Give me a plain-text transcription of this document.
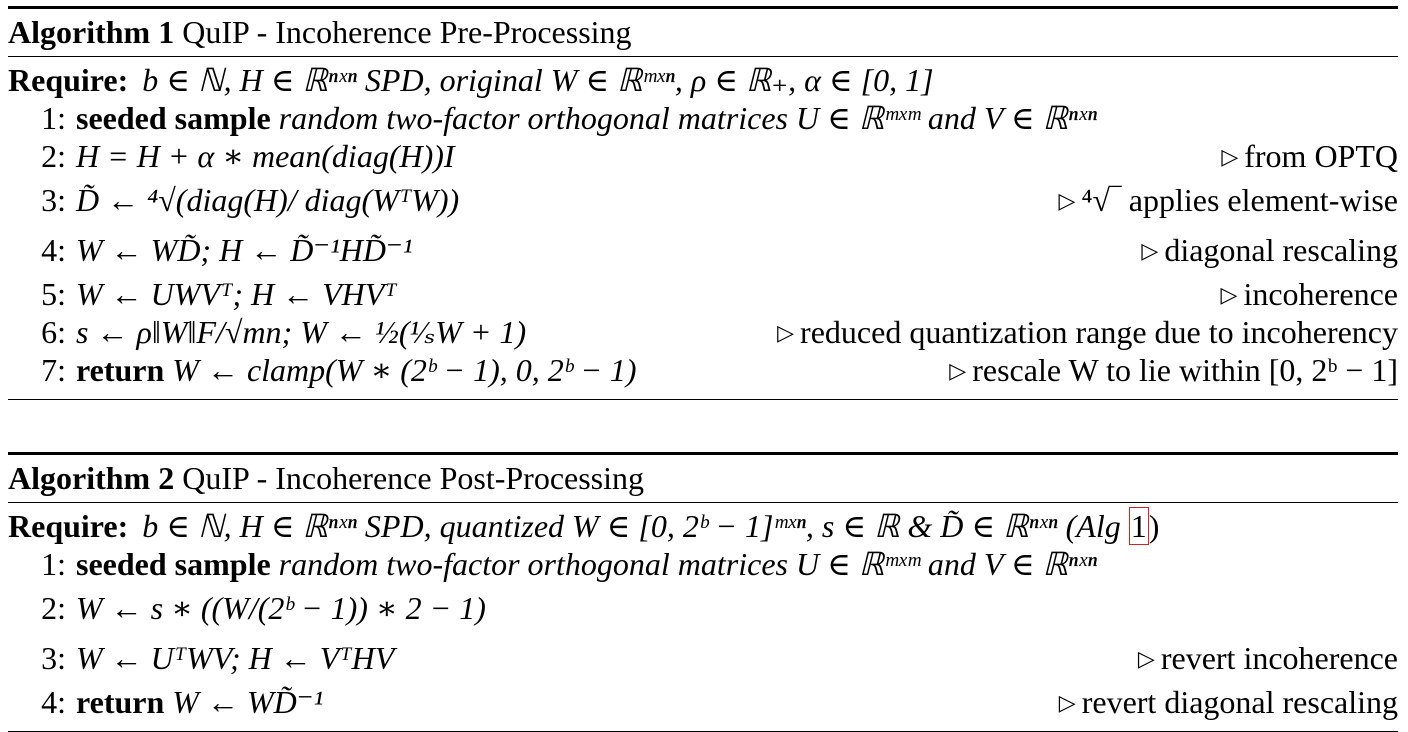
Algorithm 1 QuIP - Incoherence Pre-Processing
Require: b ∈ ℕ, H ∈ ℝⁿˣⁿ SPD, original W ∈ ℝᵐˣⁿ, ρ ∈ ℝ₊, α ∈ [0, 1]
1: seeded sample random two-factor orthogonal matrices U ∈ ℝᵐˣᵐ and V ∈ ℝⁿˣⁿ
2: H = H + α ∗ mean(diag(H))I	▷ from OPTQ
3: D̃ ← ⁴√(diag(H)/ diag(WᵀW))	▷ ⁴√‾ applies element-wise
4: W ← WD̃; H ← D̃⁻¹HD̃⁻¹	▷ diagonal rescaling
5: W ← UWVᵀ; H ← VHVᵀ	▷ incoherence
6: s ← ρ‖W‖F/√mn; W ← ½(¹⁄ₛW + 1)	▷ reduced quantization range due to incoherency
7: return W ← clamp(W ∗ (2ᵇ − 1), 0, 2ᵇ − 1)	▷ rescale W to lie within [0, 2ᵇ − 1]
Algorithm 2 QuIP - Incoherence Post-Processing
Require: b ∈ ℕ, H ∈ ℝⁿˣⁿ SPD, quantized W ∈ [0, 2ᵇ − 1]ᵐˣⁿ, s ∈ ℝ & D̃ ∈ ℝⁿˣⁿ (Alg 1)
1: seeded sample random two-factor orthogonal matrices U ∈ ℝᵐˣᵐ and V ∈ ℝⁿˣⁿ
2: W ← s ∗ ((W/(2ᵇ − 1)) ∗ 2 − 1)
3: W ← UᵀWV; H ← VᵀHV	▷ revert incoherence
4: return W ← WD̃⁻¹	▷ revert diagonal rescaling
